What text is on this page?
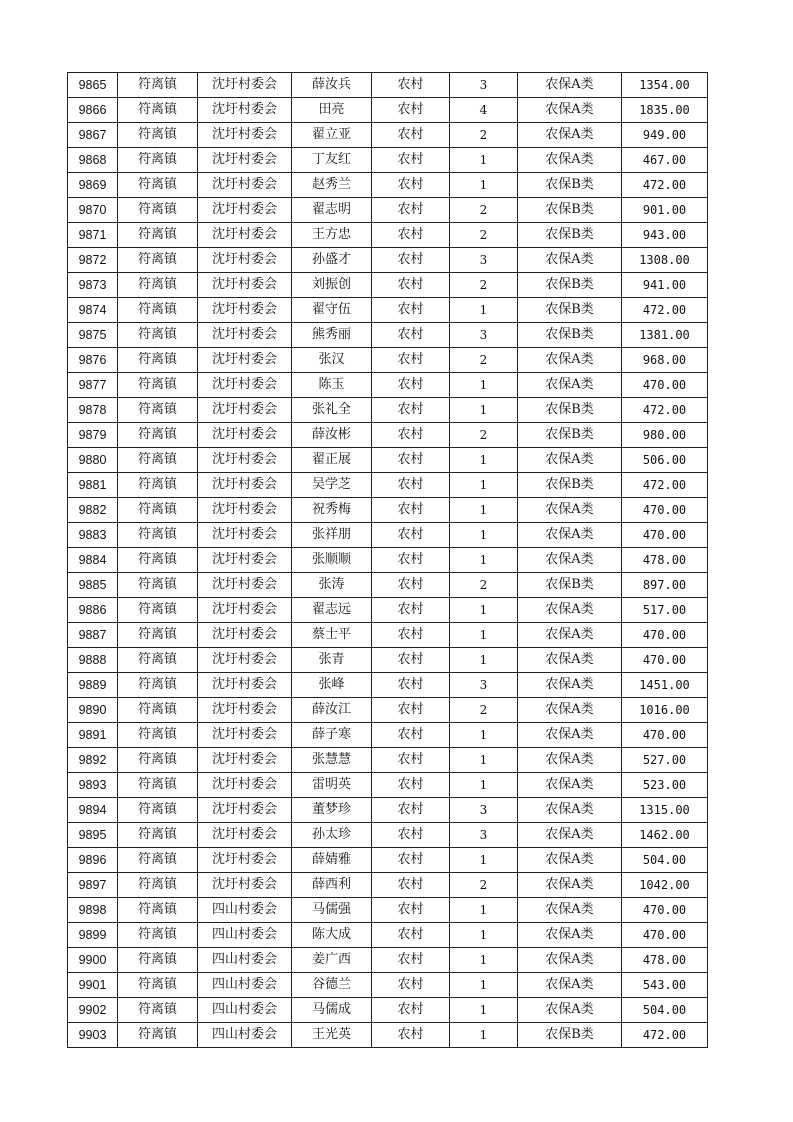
9865	符离镇	沈圩村委会	薛汝兵	农村	3	农保A类	1354.00
9866	符离镇	沈圩村委会	田亮	农村	4	农保A类	1835.00
9867	符离镇	沈圩村委会	翟立亚	农村	2	农保A类	949.00
9868	符离镇	沈圩村委会	丁友红	农村	1	农保A类	467.00
9869	符离镇	沈圩村委会	赵秀兰	农村	1	农保B类	472.00
9870	符离镇	沈圩村委会	翟志明	农村	2	农保B类	901.00
9871	符离镇	沈圩村委会	王方忠	农村	2	农保B类	943.00
9872	符离镇	沈圩村委会	孙盛才	农村	3	农保A类	1308.00
9873	符离镇	沈圩村委会	刘振创	农村	2	农保B类	941.00
9874	符离镇	沈圩村委会	翟守伍	农村	1	农保B类	472.00
9875	符离镇	沈圩村委会	熊秀丽	农村	3	农保B类	1381.00
9876	符离镇	沈圩村委会	张汉	农村	2	农保A类	968.00
9877	符离镇	沈圩村委会	陈玉	农村	1	农保A类	470.00
9878	符离镇	沈圩村委会	张礼全	农村	1	农保B类	472.00
9879	符离镇	沈圩村委会	薛汝彬	农村	2	农保B类	980.00
9880	符离镇	沈圩村委会	翟正展	农村	1	农保A类	506.00
9881	符离镇	沈圩村委会	吴学芝	农村	1	农保B类	472.00
9882	符离镇	沈圩村委会	祝秀梅	农村	1	农保A类	470.00
9883	符离镇	沈圩村委会	张祥朋	农村	1	农保A类	470.00
9884	符离镇	沈圩村委会	张顺顺	农村	1	农保A类	478.00
9885	符离镇	沈圩村委会	张涛	农村	2	农保B类	897.00
9886	符离镇	沈圩村委会	翟志远	农村	1	农保A类	517.00
9887	符离镇	沈圩村委会	蔡士平	农村	1	农保A类	470.00
9888	符离镇	沈圩村委会	张青	农村	1	农保A类	470.00
9889	符离镇	沈圩村委会	张峰	农村	3	农保A类	1451.00
9890	符离镇	沈圩村委会	薛汝江	农村	2	农保A类	1016.00
9891	符离镇	沈圩村委会	薛子寒	农村	1	农保A类	470.00
9892	符离镇	沈圩村委会	张慧慧	农村	1	农保A类	527.00
9893	符离镇	沈圩村委会	雷明英	农村	1	农保A类	523.00
9894	符离镇	沈圩村委会	董梦珍	农村	3	农保A类	1315.00
9895	符离镇	沈圩村委会	孙太珍	农村	3	农保A类	1462.00
9896	符离镇	沈圩村委会	薛婧雅	农村	1	农保A类	504.00
9897	符离镇	沈圩村委会	薛西利	农村	2	农保A类	1042.00
9898	符离镇	四山村委会	马儒强	农村	1	农保A类	470.00
9899	符离镇	四山村委会	陈大成	农村	1	农保A类	470.00
9900	符离镇	四山村委会	姜广西	农村	1	农保A类	478.00
9901	符离镇	四山村委会	谷德兰	农村	1	农保A类	543.00
9902	符离镇	四山村委会	马儒成	农村	1	农保A类	504.00
9903	符离镇	四山村委会	王光英	农村	1	农保B类	472.00
